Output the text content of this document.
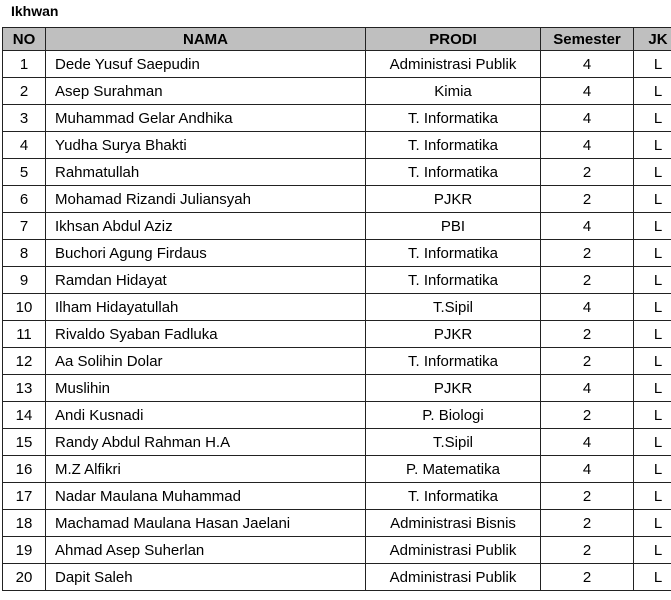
Ikhwan
NO	NAMA	PRODI	Semester	JK
1	Dede Yusuf Saepudin	Administrasi Publik	4	L
2	Asep Surahman	Kimia	4	L
3	Muhammad Gelar Andhika	T. Informatika	4	L
4	Yudha Surya Bhakti	T. Informatika	4	L
5	Rahmatullah	T. Informatika	2	L
6	Mohamad Rizandi Juliansyah	PJKR	2	L
7	Ikhsan Abdul Aziz	PBI	4	L
8	Buchori Agung Firdaus	T. Informatika	2	L
9	Ramdan Hidayat	T. Informatika	2	L
10	Ilham Hidayatullah	T.Sipil	4	L
11	Rivaldo Syaban Fadluka	PJKR	2	L
12	Aa Solihin Dolar	T. Informatika	2	L
13	Muslihin	PJKR	4	L
14	Andi Kusnadi	P. Biologi	2	L
15	Randy Abdul Rahman H.A	T.Sipil	4	L
16	M.Z Alfikri	P. Matematika	4	L
17	Nadar Maulana Muhammad	T. Informatika	2	L
18	Machamad Maulana Hasan Jaelani	Administrasi Bisnis	2	L
19	Ahmad Asep Suherlan	Administrasi Publik	2	L
20	Dapit Saleh	Administrasi Publik	2	L
